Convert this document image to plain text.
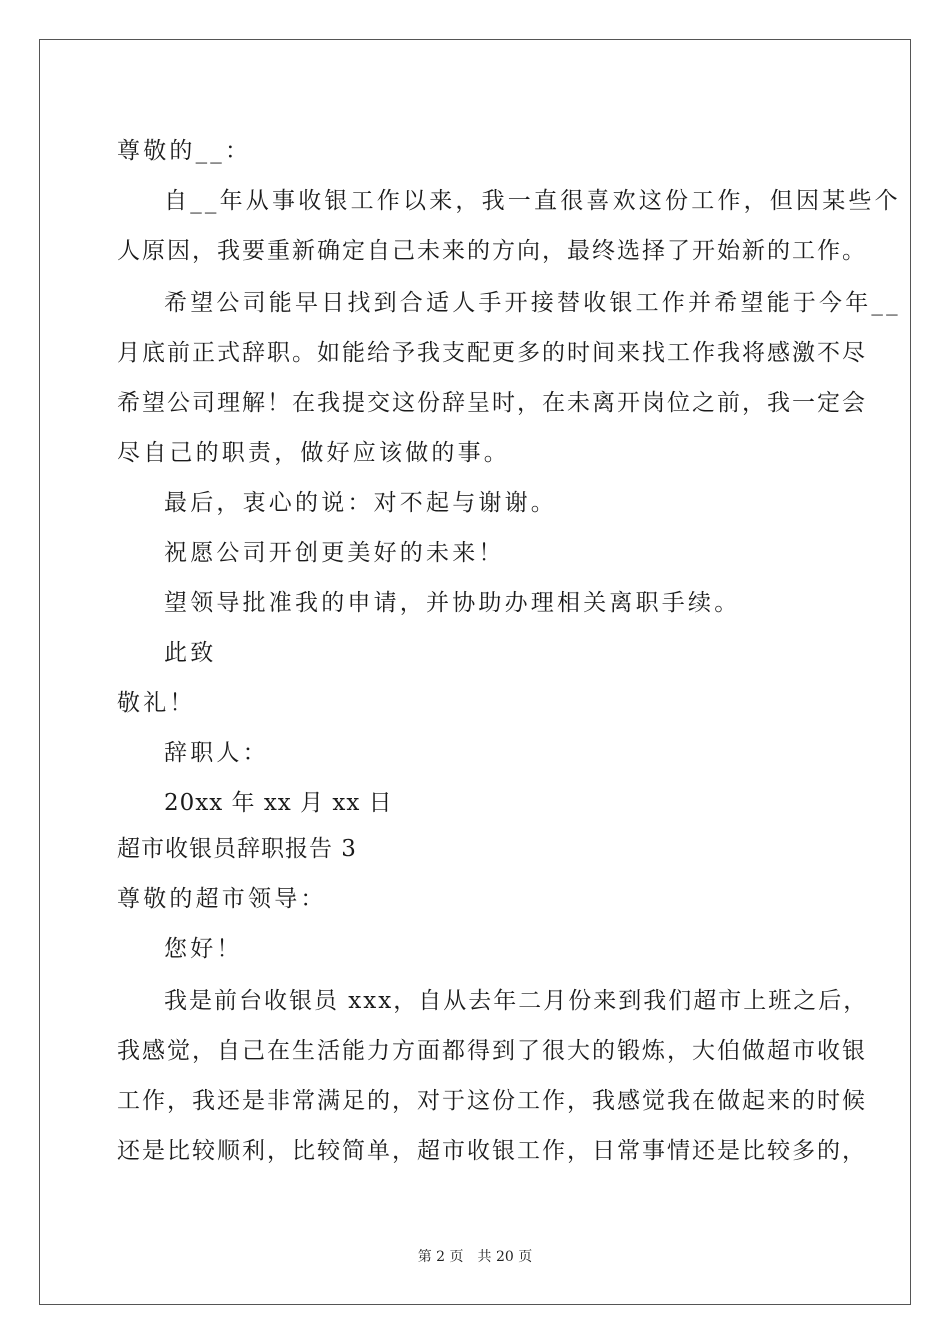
尊敬的__：
自__年从事收银工作以来，我一直很喜欢这份工作，但因某些个
人原因，我要重新确定自己未来的方向，最终选择了开始新的工作。
希望公司能早日找到合适人手开接替收银工作并希望能于今年__
月底前正式辞职。如能给予我支配更多的时间来找工作我将感激不尽
希望公司理解！在我提交这份辞呈时，在未离开岗位之前，我一定会
尽自己的职责，做好应该做的事。
最后，衷心的说：对不起与谢谢。
祝愿公司开创更美好的未来！
望领导批准我的申请，并协助办理相关离职手续。
此致
敬礼！
辞职人：
20xx 年 xx 月 xx 日
超市收银员辞职报告 3
尊敬的超市领导：
您好！
我是前台收银员 xxx，自从去年二月份来到我们超市上班之后，
我感觉，自己在生活能力方面都得到了很大的锻炼，大伯做超市收银
工作，我还是非常满足的，对于这份工作，我感觉我在做起来的时候
还是比较顺利，比较简单，超市收银工作，日常事情还是比较多的，
第 2 页 共 20 页
